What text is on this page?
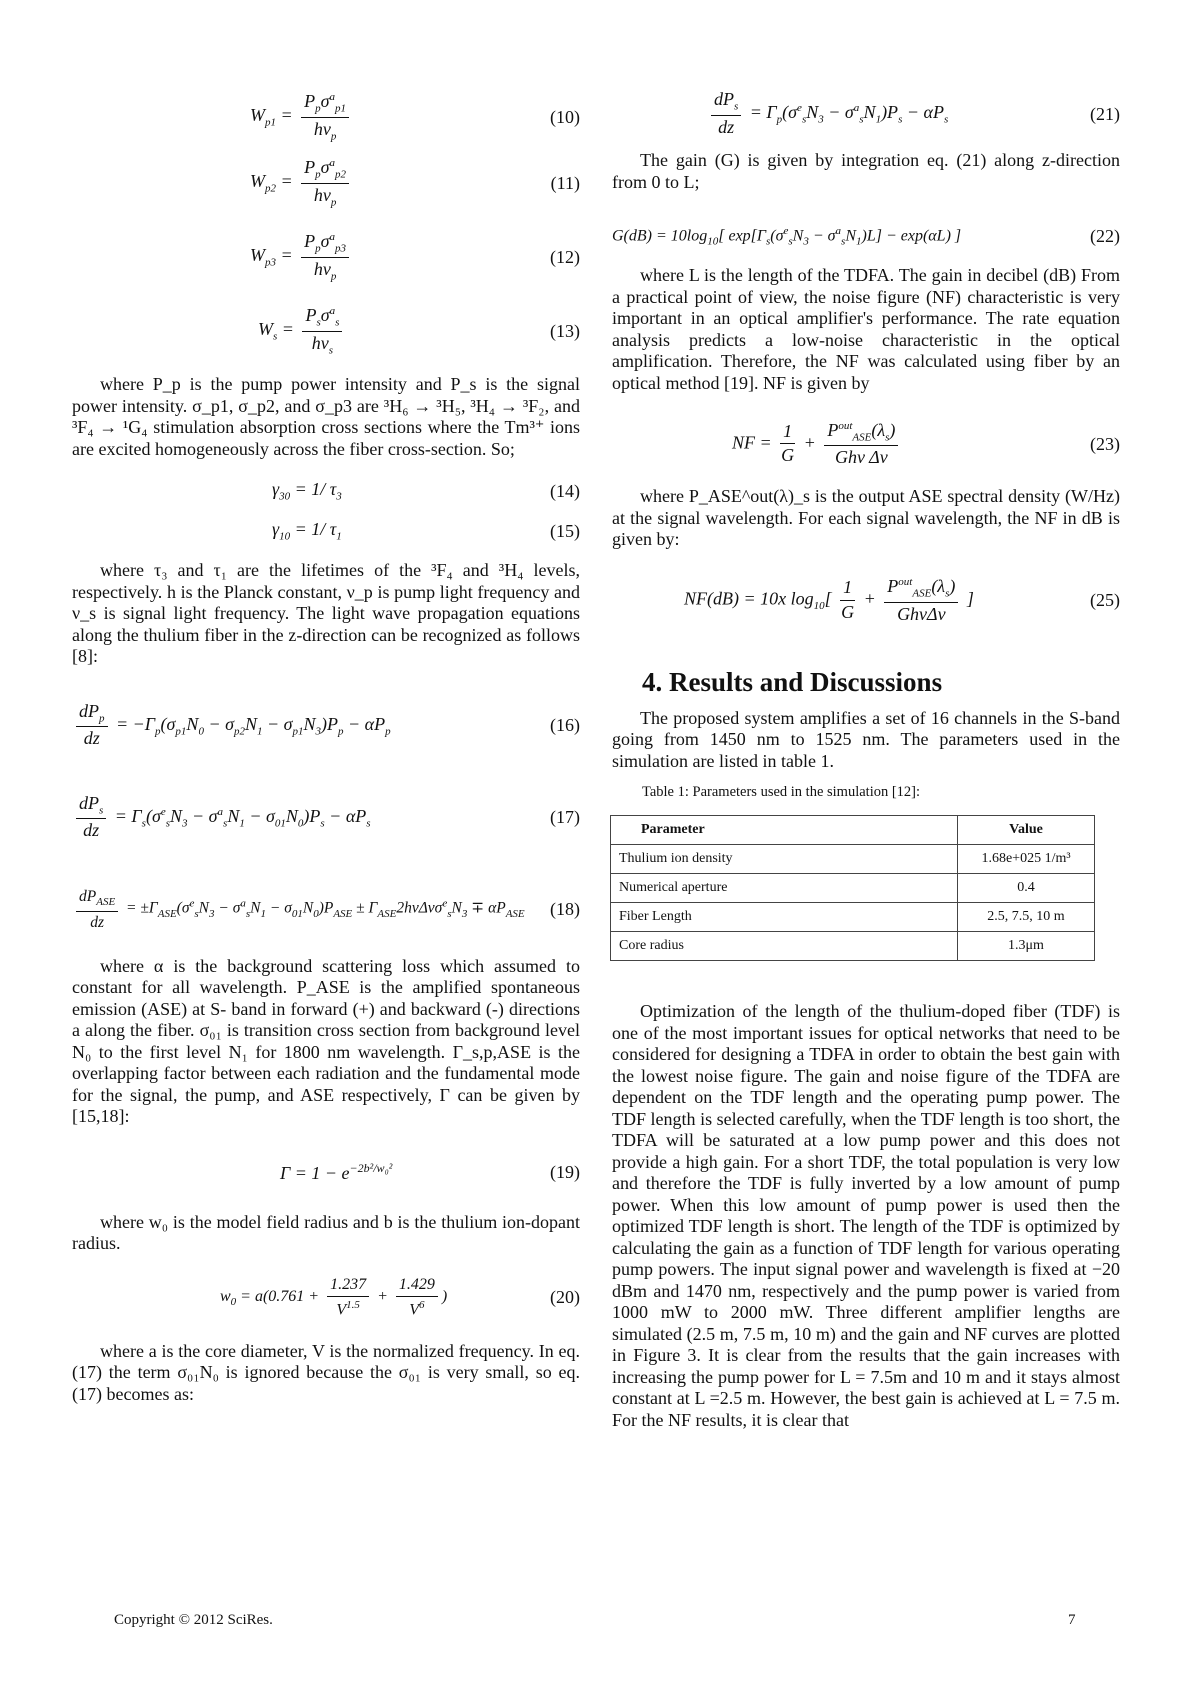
$W_{p1} = \frac{P_p\sigma^a_{p1}}{h\nu_p}$	(10)
$W_{p2} = \frac{P_p\sigma^a_{p2}}{h\nu_p}$	(11)
$W_{p3} = \frac{P_p\sigma^a_{p3}}{h\nu_p}$	(12)
$W_s = \frac{P_s\sigma^a_s}{h\nu_s}$	(13)

where P_p is the pump power intensity and P_s is the signal power intensity. σ_p1, σ_p2, and σ_p3 are ³H₆ → ³H₅, ³H₄ → ³F₂, and ³F₄ → ¹G₄ stimulation absorption cross sections where the Tm³⁺ ions are excited homogeneously across the fiber cross-section. So;

$\gamma_{30} = 1/$ $\tau_3$	(14)
$\gamma_{10} = 1/$ $\tau_1$	(15)

where τ₃ and τ₁ are the lifetimes of the ³F₄ and ³H₄ levels, respectively. h is the Planck constant, ν_p is pump light frequency and ν_s is signal light frequency. The light wave propagation equations along the thulium fiber in the z-direction can be recognized as follows [8]:

$\frac{dP_p}{dz} = -\Gamma_p(\sigma_{p1}N_0 - \sigma_{p2}N_1 - \sigma_{p1}N_3)P_p - \alpha P_p$	(16)
$\frac{dP_s}{dz} = \Gamma_s(\sigma^e_sN_3 - \sigma^a_sN_1 - \sigma_{01}N_0)P_s - \alpha P_s$	(17)
$\frac{dP_{ASE}}{dz} = \pm\Gamma_{ASE}(\sigma^e_sN_3 - \sigma^a_sN_1 - \sigma_{01}N_0)P_{ASE} \pm \Gamma_{ASE}2h\nu\Delta\nu\sigma^e_sN_3 \mp \alpha P_{ASE}$	(18)

where α is the background scattering loss which assumed to constant for all wavelength. P_ASE is the amplified spontaneous emission (ASE) at S- band in forward (+) and backward (-) directions a along the fiber. σ₀₁ is transition cross section from background level N₀ to the first level N₁ for 1800 nm wavelength. Γ_s,p,ASE is the overlapping factor between each radiation and the fundamental mode for the signal, the pump, and ASE respectively, Γ can be given by [15,18]:

$\Gamma = 1 - e^{-2b^2/w_0^2}$	(19)

where w₀ is the model field radius and b is the thulium ion-dopant radius.

$w_0 = a(0.761 + \frac{1.237}{V^{1.5}} + \frac{1.429}{V^6}$ )	(20)

where a is the core diameter, V is the normalized frequency. In eq. (17) the term σ₀₁N₀ is ignored because the σ₀₁ is very small, so eq. (17) becomes as:

$\frac{dP_s}{dz} = \Gamma_p(\sigma^e_sN_3 - \sigma^a_sN_1)P_s - \alpha P_s$	(21)

The gain (G) is given by integration eq. (21) along z-direction from 0 to L;

$G(dB) = 10\log_{10}$[ $\exp[\Gamma_s(\sigma^e_sN_3 - \sigma^a_sN_1)L] - \exp(\alpha L)$ ]	(22)

where L is the length of the TDFA. The gain in decibel (dB) From a practical point of view, the noise figure (NF) characteristic is very important in an optical amplifier's performance. The rate equation analysis predicts a low-noise characteristic in the optical amplification. Therefore, the NF was calculated using fiber by an optical method [19]. NF is given by

NF = $\frac{1}{G} + \frac{P^{out}_{ASE}(\lambda_s)}{\text{Ghν Δν}}$	(23)

where P_ASE^out(λ)_s is the output ASE spectral density (W/Hz) at the signal wavelength. For each signal wavelength, the NF in dB is given by:

NF(dB) = 10x $\log_{10}[ \frac{1}{G} + \frac{P^{out}_{ASE}(\lambda_s)}{\text{GhνΔν}}$ ]	(25)
4. Results and Discussions

The proposed system amplifies a set of 16 channels in the S-band going from 1450 nm to 1525 nm. The parameters used in the simulation are listed in table 1.

Table 1: Parameters used in the simulation [12]:

Parameter	Value
Thulium ion density	1.68e+025 1/m³
Numerical aperture	0.4
Fiber Length	2.5, 7.5, 10 m
Core radius	1.3μm

Optimization of the length of the thulium-doped fiber (TDF) is one of the most important issues for optical networks that need to be considered for designing a TDFA in order to obtain the best gain with the lowest noise figure. The gain and noise figure of the TDFA are dependent on the TDF length and the operating pump power. The TDF length is selected carefully, when the TDF length is too short, the TDFA will be saturated at a low pump power and this does not provide a high gain. For a short TDF, the total population is very low and therefore the TDF is fully inverted by a low amount of pump power. When this low amount of pump power is used then the optimized TDF length is short. The length of the TDF is optimized by calculating the gain as a function of TDF length for various operating pump powers. The input signal power and wavelength is fixed at −20 dBm and 1470 nm, respectively and the pump power is varied from 1000 mW to 2000 mW. Three different amplifier lengths are simulated (2.5 m, 7.5 m, 10 m) and the gain and NF curves are plotted in Figure 3. It is clear from the results that the gain increases with increasing the pump power for L = 7.5m and 10 m and it stays almost constant at L =2.5 m. However, the best gain is achieved at L = 7.5 m. For the NF results, it is clear that

Copyright © 2012 SciRes.	7
